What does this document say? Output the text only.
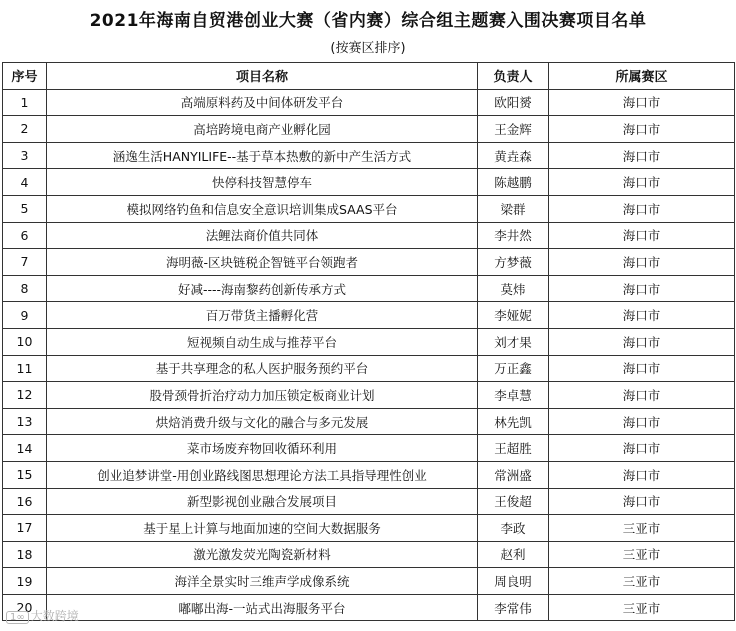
2021年海南自贸港创业大赛（省内赛）综合组主题赛入围决赛项目名单
(按赛区排序)
序号	项目名称	负责人	所属赛区
1	高端原料药及中间体研发平台	欧阳赟	海口市
2	高培跨境电商产业孵化园	王金辉	海口市
3	涵逸生活HANYILIFE--基于草本热敷的新中产生活方式	黄垚森	海口市
4	快停科技智慧停车	陈越鹏	海口市
5	模拟网络钓鱼和信息安全意识培训集成SAAS平台	梁群	海口市
6	法鲤法商价值共同体	李井然	海口市
7	海明薇-区块链税企智链平台领跑者	方梦薇	海口市
8	好减----海南黎药创新传承方式	莫炜	海口市
9	百万带货主播孵化营	李娅妮	海口市
10	短视频自动生成与推荐平台	刘才果	海口市
11	基于共享理念的私人医护服务预约平台	万正鑫	海口市
12	股骨颈骨折治疗动力加压锁定板商业计划	李卓慧	海口市
13	烘焙消费升级与文化的融合与多元发展	林先凯	海口市
14	菜市场废弃物回收循环利用	王超胜	海口市
15	创业追梦讲堂-用创业路线图思想理论方法工具指导理性创业	常洲盛	海口市
16	新型影视创业融合发展项目	王俊超	海口市
17	基于星上计算与地面加速的空间大数据服务	李政	三亚市
18	激光激发荧光陶瓷新材料	赵利	三亚市
19	海洋全景实时三维声学成像系统	周良明	三亚市
20	嘟嘟出海-一站式出海服务平台	李常伟	三亚市
1∞ 大数跨境
